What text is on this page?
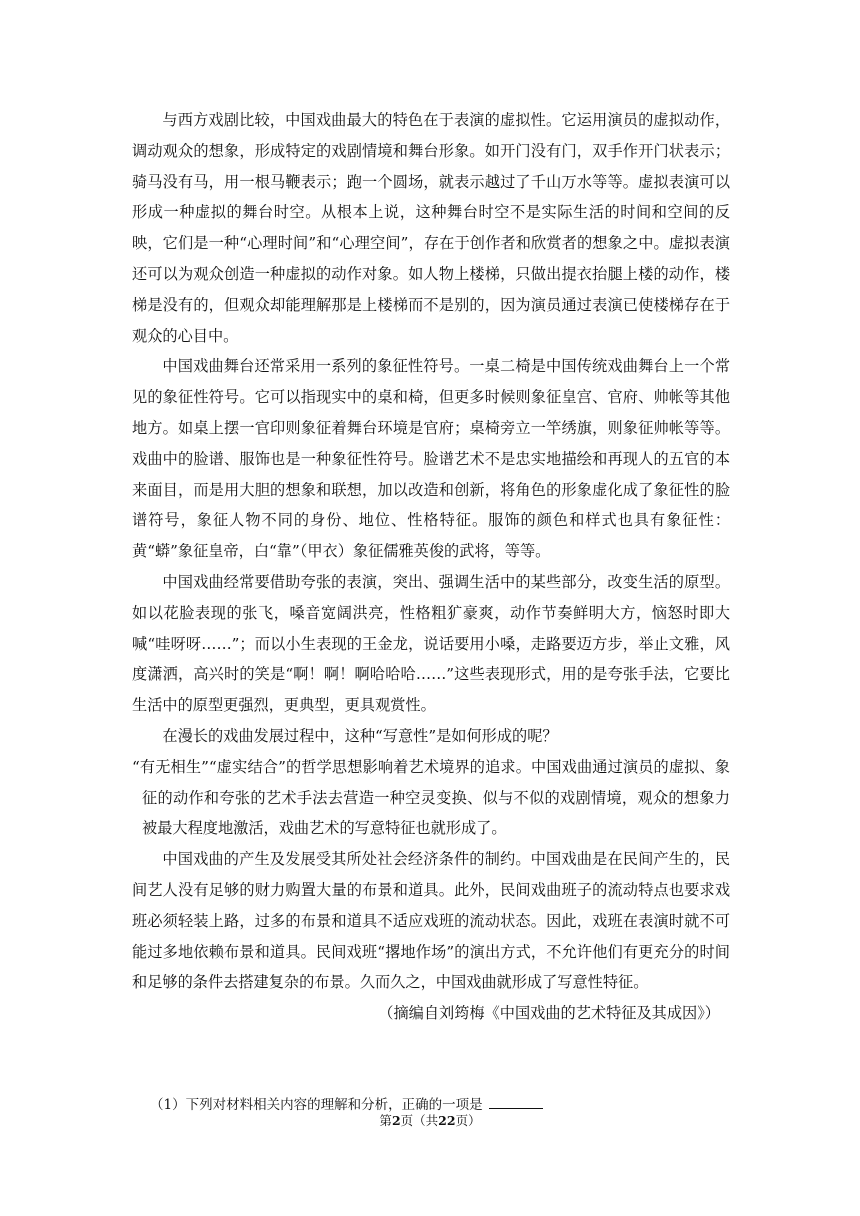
与西方戏剧比较，中国戏曲最大的特色在于表演的虚拟性。它运用演员的虚拟动作，调动观众的想象，形成特定的戏剧情境和舞台形象。如开门没有门，双手作开门状表示；骑马没有马，用一根马鞭表示；跑一个圆场，就表示越过了千山万水等等。虚拟表演可以形成一种虚拟的舞台时空。从根本上说，这种舞台时空不是实际生活的时间和空间的反映，它们是一种“心理时间”和“心理空间”，存在于创作者和欣赏者的想象之中。虚拟表演还可以为观众创造一种虚拟的动作对象。如人物上楼梯，只做出提衣抬腿上楼的动作，楼梯是没有的，但观众却能理解那是上楼梯而不是别的，因为演员通过表演已使楼梯存在于观众的心目中。

中国戏曲舞台还常采用一系列的象征性符号。一桌二椅是中国传统戏曲舞台上一个常见的象征性符号。它可以指现实中的桌和椅，但更多时候则象征皇宫、官府、帅帐等其他地方。如桌上摆一官印则象征着舞台环境是官府；桌椅旁立一竿绣旗，则象征帅帐等等。戏曲中的脸谱、服饰也是一种象征性符号。脸谱艺术不是忠实地描绘和再现人的五官的本来面目，而是用大胆的想象和联想，加以改造和创新，将角色的形象虚化成了象征性的脸谱符号，象征人物不同的身份、地位、性格特征。服饰的颜色和样式也具有象征性：黄“蟒”象征皇帝，白“靠”（甲衣）象征儒雅英俊的武将，等等。

中国戏曲经常要借助夸张的表演，突出、强调生活中的某些部分，改变生活的原型。如以花脸表现的张飞，嗓音宽阔洪亮，性格粗犷豪爽，动作节奏鲜明大方，恼怒时即大喊“哇呀呀……”；而以小生表现的王金龙，说话要用小嗓，走路要迈方步，举止文雅，风度潇洒，高兴时的笑是“啊！啊！啊哈哈哈……”这些表现形式，用的是夸张手法，它要比生活中的原型更强烈，更典型，更具观赏性。

在漫长的戏曲发展过程中，这种“写意性”是如何形成的呢？

“有无相生”“虚实结合”的哲学思想影响着艺术境界的追求。中国戏曲通过演员的虚拟、象征的动作和夸张的艺术手法去营造一种空灵变换、似与不似的戏剧情境，观众的想象力被最大程度地激活，戏曲艺术的写意特征也就形成了。

中国戏曲的产生及发展受其所处社会经济条件的制约。中国戏曲是在民间产生的，民间艺人没有足够的财力购置大量的布景和道具。此外，民间戏曲班子的流动特点也要求戏班必须轻装上路，过多的布景和道具不适应戏班的流动状态。因此，戏班在表演时就不可能过多地依赖布景和道具。民间戏班“撂地作场”的演出方式，不允许他们有更充分的时间和足够的条件去搭建复杂的布景。久而久之，中国戏曲就形成了写意性特征。

（摘编自刘筠梅《中国戏曲的艺术特征及其成因》）

（1）下列对材料相关内容的理解和分析，正确的一项是
第2页（共22页）
